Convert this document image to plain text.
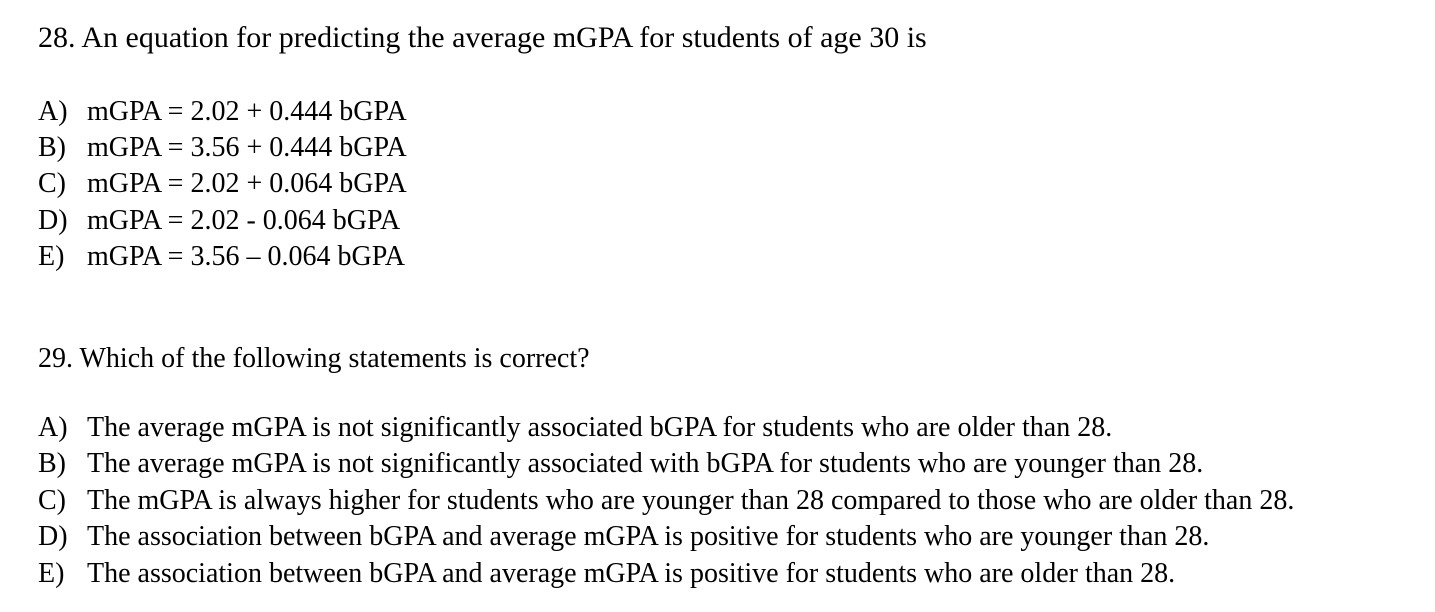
28. An equation for predicting the average mGPA for students of age 30 is
A) mGPA = 2.02 + 0.444 bGPA
B) mGPA = 3.56 + 0.444 bGPA
C) mGPA = 2.02 + 0.064 bGPA
D) mGPA = 2.02 - 0.064 bGPA
E) mGPA = 3.56 – 0.064 bGPA
29. Which of the following statements is correct?
A) The average mGPA is not significantly associated bGPA for students who are older than 28.
B) The average mGPA is not significantly associated with bGPA for students who are younger than 28.
C) The mGPA is always higher for students who are younger than 28 compared to those who are older than 28.
D) The association between bGPA and average mGPA is positive for students who are younger than 28.
E) The association between bGPA and average mGPA is positive for students who are older than 28.
